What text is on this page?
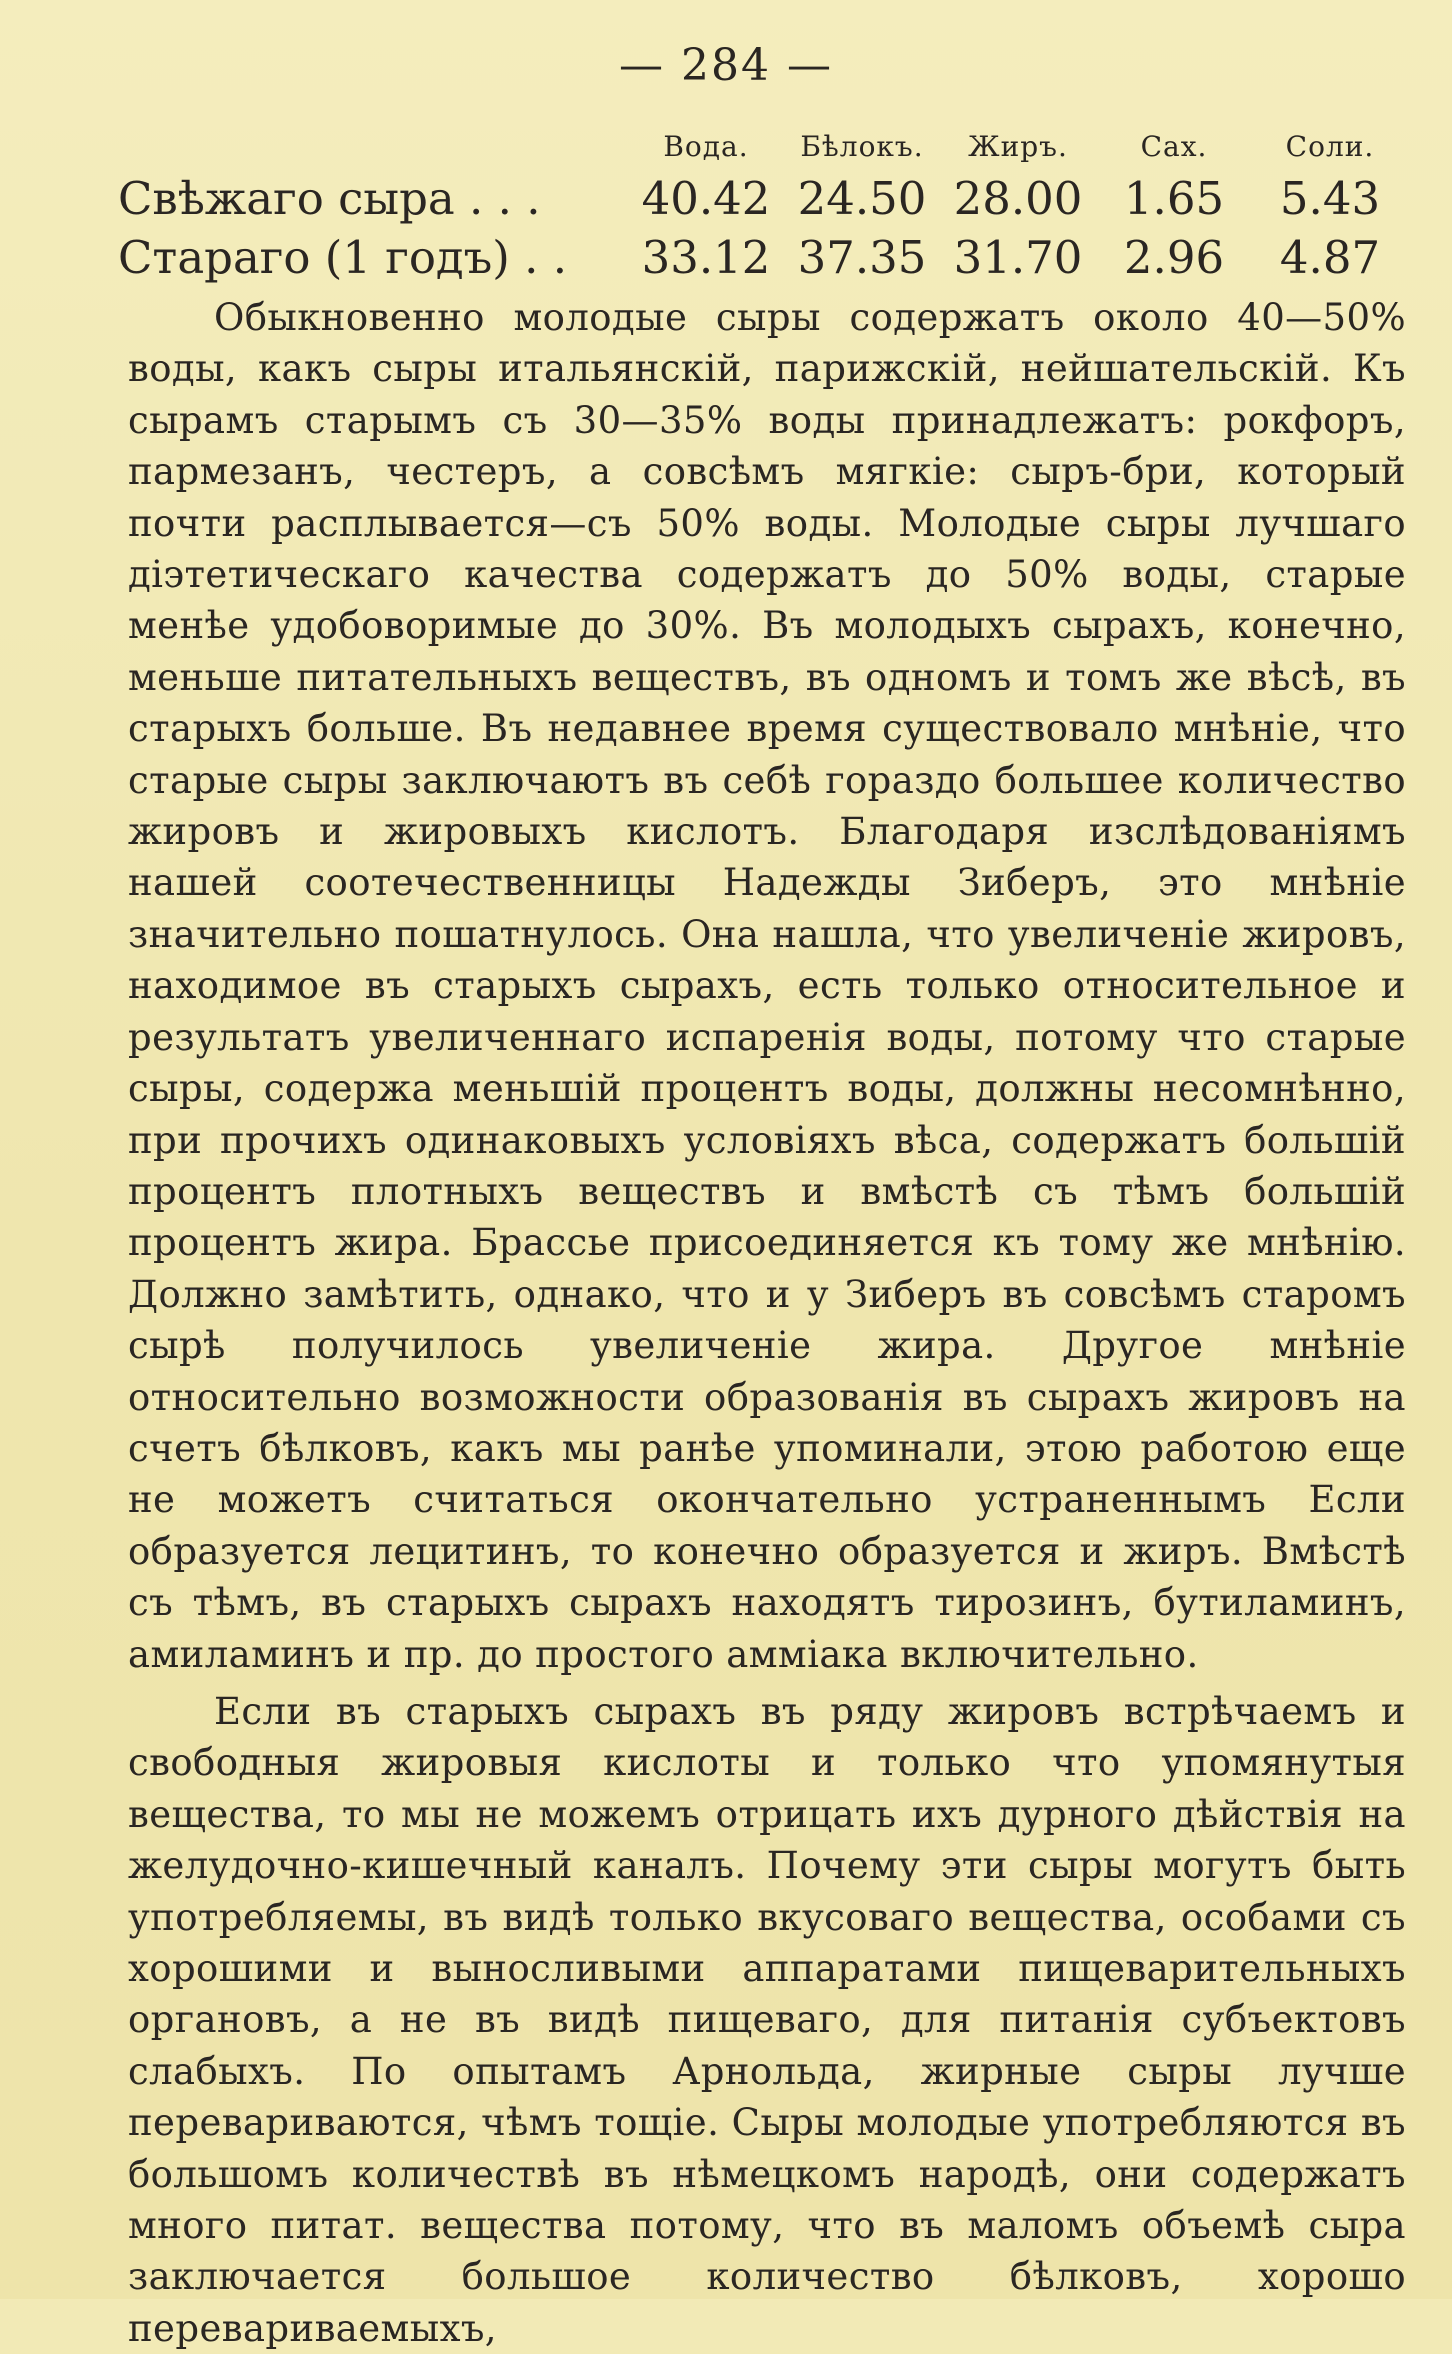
— 284 —
	Вода.	Бѣлокъ.	Жиръ.	Сах.	Соли.
Свѣжаго сыра . . .	40.42	24.50	28.00	1.65	5.43
Стараго (1 годъ) . .	33.12	37.35	31.70	2.96	4.87

Обыкновенно молодые сыры содержатъ около 40—50% воды, какъ сыры итальянскій, парижскій, нейшательскій. Къ сырамъ старымъ съ 30—35% воды принадлежатъ: рокфоръ, пармезанъ, честеръ, а совсѣмъ мягкіе: сыръ-бри, который почти расплывается—съ 50% воды. Молодые сыры лучшаго діэтетическаго качества содержатъ до 50% воды, старые менѣе удобоворимые до 30%. Въ молодыхъ сырахъ, конечно, меньше питательныхъ веществъ, въ одномъ и томъ же вѣсѣ, въ старыхъ больше. Въ недавнее время существовало мнѣніе, что старые сыры заключаютъ въ себѣ гораздо большее количество жировъ и жировыхъ кислотъ. Благодаря изслѣдованіямъ нашей соотечественницы Надежды Зиберъ, это мнѣніе значительно пошатнулось. Она нашла, что увеличеніе жировъ, находимое въ старыхъ сырахъ, есть только относительное и результатъ увеличеннаго испаренія воды, потому что старые сыры, содержа меньшій процентъ воды, должны несомнѣнно, при прочихъ одинаковыхъ условіяхъ вѣса, содержатъ большій процентъ плотныхъ веществъ и вмѣстѣ съ тѣмъ большій процентъ жира. Брассье присоединяется къ тому же мнѣнію. Должно замѣтить, однако, что и у Зиберъ въ совсѣмъ старомъ сырѣ получилось увеличеніе жира. Другое мнѣніе относительно возможности образованія въ сырахъ жировъ на счетъ бѣлковъ, какъ мы ранѣе упоминали, этою работою еще не можетъ считаться окончательно устраненнымъ Если образуется лецитинъ, то конечно образуется и жиръ. Вмѣстѣ съ тѣмъ, въ старыхъ сырахъ находятъ тирозинъ, бутиламинъ, амиламинъ и пр. до простого аммiака включительно.

Если въ старыхъ сырахъ въ ряду жировъ встрѣчаемъ и свободныя жировыя кислоты и только что упомянутыя вещества, то мы не можемъ отрицать ихъ дурного дѣйствія на желудочно-кишечный каналъ. Почему эти сыры могутъ быть употребляемы, въ видѣ только вкусоваго вещества, особами съ хорошими и выносливыми аппаратами пищеварительныхъ органовъ, а не въ видѣ пищеваго, для питанія субъектовъ слабыхъ. По опытамъ Арнольда, жирные сыры лучше перевариваются, чѣмъ тощіе. Сыры молодые употребляются въ большомъ количествѣ въ нѣмецкомъ народѣ, они содержатъ много питат. вещества потому, что въ маломъ объемѣ сыра заключается большое количество бѣлковъ, хорошо перевариваемыхъ,
